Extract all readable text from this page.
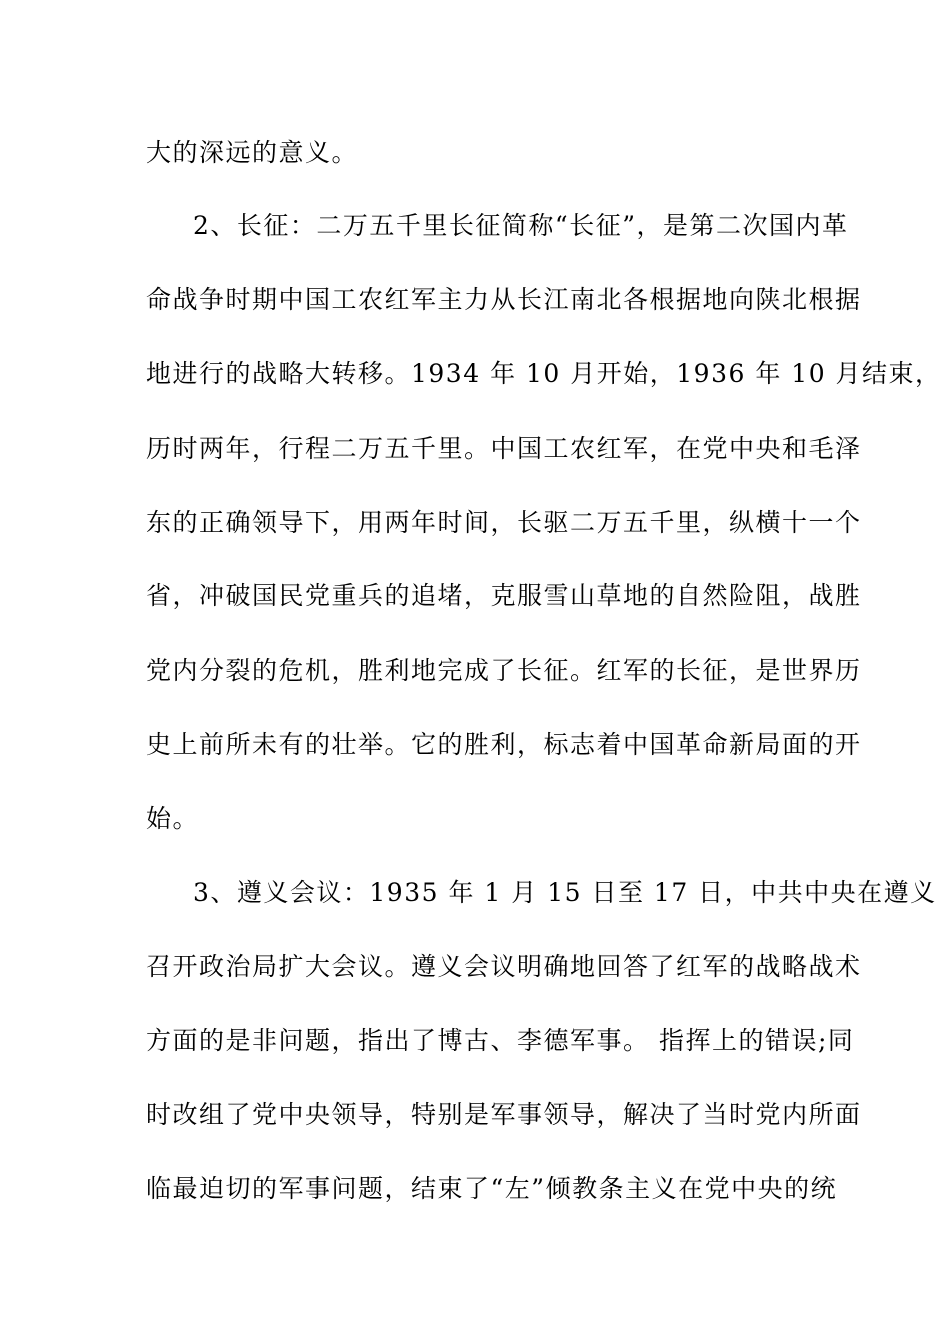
大的深远的意义。
2、长征：二万五千里长征简称“长征”，是第二次国内革
命战争时期中国工农红军主力从长江南北各根据地向陕北根据
地进行的战略大转移。1934 年 10 月开始，1936 年 10 月结束，
历时两年，行程二万五千里。中国工农红军，在党中央和毛泽
东的正确领导下，用两年时间，长驱二万五千里，纵横十一个
省，冲破国民党重兵的追堵，克服雪山草地的自然险阻，战胜
党内分裂的危机，胜利地完成了长征。红军的长征，是世界历
史上前所未有的壮举。它的胜利，标志着中国革命新局面的开
始。
3、遵义会议：1935 年 1 月 15 日至 17 日，中共中央在遵义
召开政治局扩大会议。遵义会议明确地回答了红军的战略战术
方面的是非问题，指出了博古、李德军事。 指挥上的错误;同
时改组了党中央领导，特别是军事领导，解决了当时党内所面
临最迫切的军事问题，结束了“左”倾教条主义在党中央的统
